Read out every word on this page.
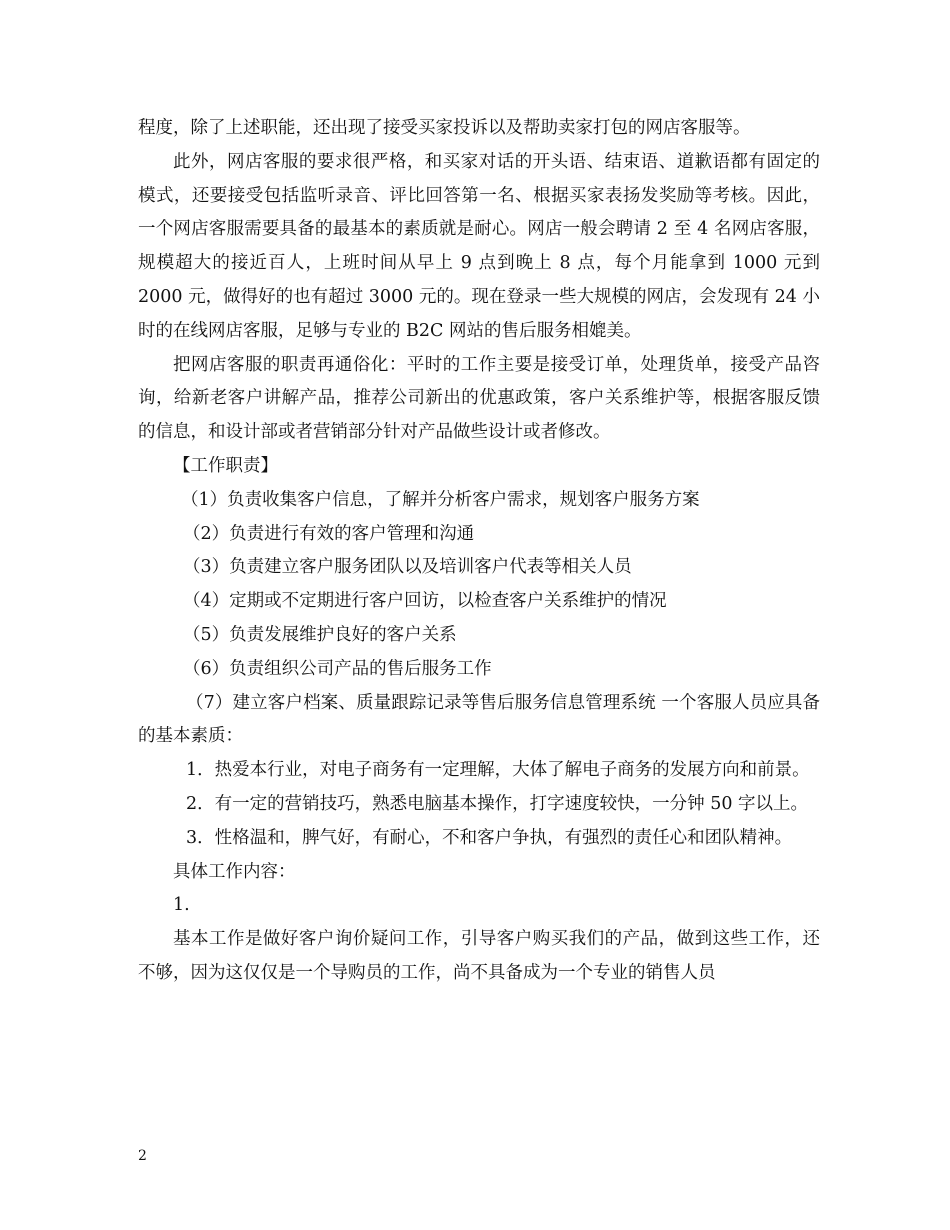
程度，除了上述职能，还出现了接受买家投诉以及帮助卖家打包的网店客服等。

此外，网店客服的要求很严格，和买家对话的开头语、结束语、道歉语都有固定的模式，还要接受包括监听录音、评比回答第一名、根据买家表扬发奖励等考核。因此，一个网店客服需要具备的最基本的素质就是耐心。网店一般会聘请 2 至 4 名网店客服，规模超大的接近百人，上班时间从早上 9 点到晚上 8 点，每个月能拿到 1000 元到 2000 元，做得好的也有超过 3000 元的。现在登录一些大规模的网店，会发现有 24 小时的在线网店客服，足够与专业的 B2C 网站的售后服务相媲美。

把网店客服的职责再通俗化：平时的工作主要是接受订单，处理货单，接受产品咨询，给新老客户讲解产品，推荐公司新出的优惠政策，客户关系维护等，根据客服反馈的信息，和设计部或者营销部分针对产品做些设计或者修改。

【工作职责】

（1）负责收集客户信息，了解并分析客户需求，规划客户服务方案

（2）负责进行有效的客户管理和沟通

（3）负责建立客户服务团队以及培训客户代表等相关人员

（4）定期或不定期进行客户回访，以检查客户关系维护的情况

（5）负责发展维护良好的客户关系

（6）负责组织公司产品的售后服务工作

（7）建立客户档案、质量跟踪记录等售后服务信息管理系统 一个客服人员应具备的基本素质：

1．热爱本行业，对电子商务有一定理解，大体了解电子商务的发展方向和前景。

2．有一定的营销技巧，熟悉电脑基本操作，打字速度较快，一分钟 50 字以上。

3．性格温和，脾气好，有耐心，不和客户争执，有强烈的责任心和团队精神。

具体工作内容：

1.

基本工作是做好客户询价疑问工作，引导客户购买我们的产品，做到这些工作，还不够，因为这仅仅是一个导购员的工作，尚不具备成为一个专业的销售人员

2
